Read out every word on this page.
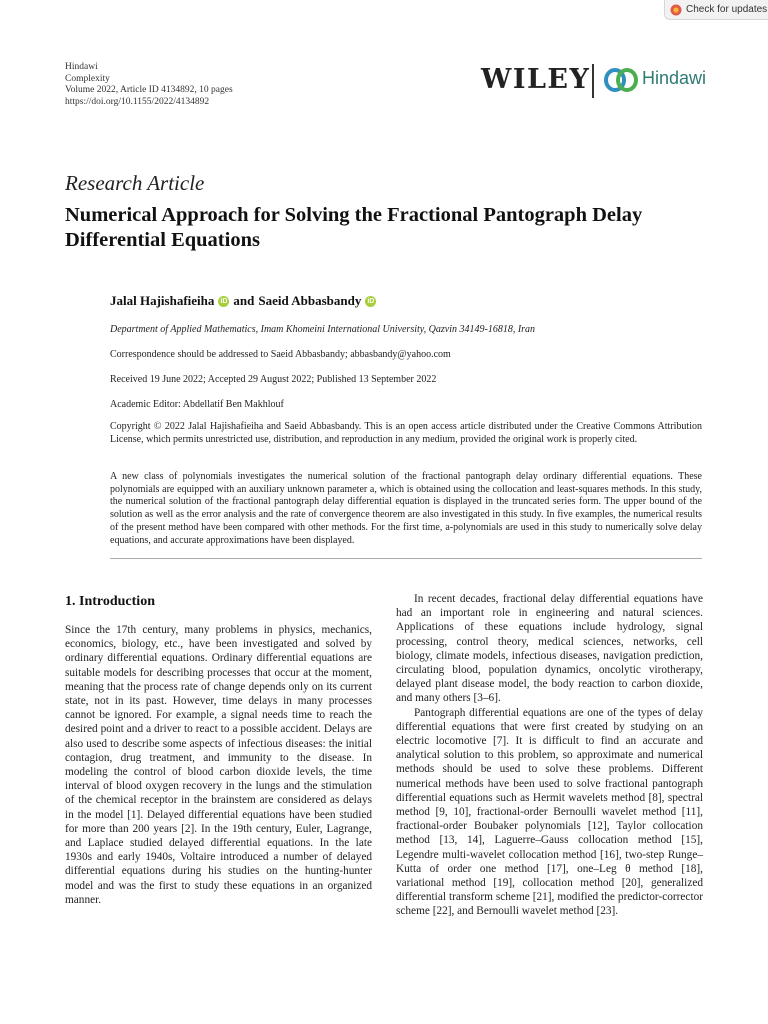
Check for updates
Hindawi
Complexity
Volume 2022, Article ID 4134892, 10 pages
https://doi.org/10.1155/2022/4134892
WILEY	Hindawi
Research Article
Numerical Approach for Solving the Fractional Pantograph Delay Differential Equations
Jalal Hajishafieiha iD and Saeid Abbasbandy iD
Department of Applied Mathematics, Imam Khomeini International University, Qazvin 34149-16818, Iran
Correspondence should be addressed to Saeid Abbasbandy; abbasbandy@yahoo.com
Received 19 June 2022; Accepted 29 August 2022; Published 13 September 2022
Academic Editor: Abdellatif Ben Makhlouf
Copyright © 2022 Jalal Hajishafieiha and Saeid Abbasbandy. This is an open access article distributed under the Creative Commons Attribution License, which permits unrestricted use, distribution, and reproduction in any medium, provided the original work is properly cited.
A new class of polynomials investigates the numerical solution of the fractional pantograph delay ordinary differential equations. These polynomials are equipped with an auxiliary unknown parameter a, which is obtained using the collocation and least-squares methods. In this study, the numerical solution of the fractional pantograph delay differential equation is displayed in the truncated series form. The upper bound of the solution as well as the error analysis and the rate of convergence theorem are also investigated in this study. In five examples, the numerical results of the present method have been compared with other methods. For the first time, a-polynomials are used in this study to numerically solve delay equations, and accurate approximations have been displayed.
1. Introduction

Since the 17th century, many problems in physics, mechanics, economics, biology, etc., have been investigated and solved by ordinary differential equations. Ordinary differential equations are suitable models for describing processes that occur at the moment, meaning that the process rate of change depends only on its current state, not in its past. However, time delays in many processes cannot be ignored. For example, a signal needs time to reach the desired point and a driver to react to a possible accident. Delays are also used to describe some aspects of infectious diseases: the initial contagion, drug treatment, and immunity to the disease. In modeling the control of blood carbon dioxide levels, the time interval of blood oxygen recovery in the lungs and the stimulation of the chemical receptor in the brainstem are considered as delays in the model [1]. Delayed differential equations have been studied for more than 200 years [2]. In the 19th century, Euler, Lagrange, and Laplace studied delayed differential equations. In the late 1930s and early 1940s, Voltaire introduced a number of delayed differential equations during his studies on the hunting-hunter model and was the first to study these equations in an organized manner.

In recent decades, fractional delay differential equations have had an important role in engineering and natural sciences. Applications of these equations include hydrology, signal processing, control theory, medical sciences, networks, cell biology, climate models, infectious diseases, navigation prediction, circulating blood, population dynamics, oncolytic virotherapy, delayed plant disease model, the body reaction to carbon dioxide, and many others [3–6].

Pantograph differential equations are one of the types of delay differential equations that were first created by studying on an electric locomotive [7]. It is difficult to find an accurate and analytical solution to this problem, so approximate and numerical methods should be used to solve these problems. Different numerical methods have been used to solve fractional pantograph differential equations such as Hermit wavelets method [8], spectral method [9, 10], fractional-order Bernoulli wavelet method [11], fractional-order Boubaker polynomials [12], Taylor collocation method [13, 14], Laguerre–Gauss collocation method [15], Legendre multi-wavelet collocation method [16], two-step Runge–Kutta of order one method [17], one–Leg θ method [18], variational method [19], collocation method [20], generalized differential transform scheme [21], modified the predictor-corrector scheme [22], and Bernoulli wavelet method [23].
